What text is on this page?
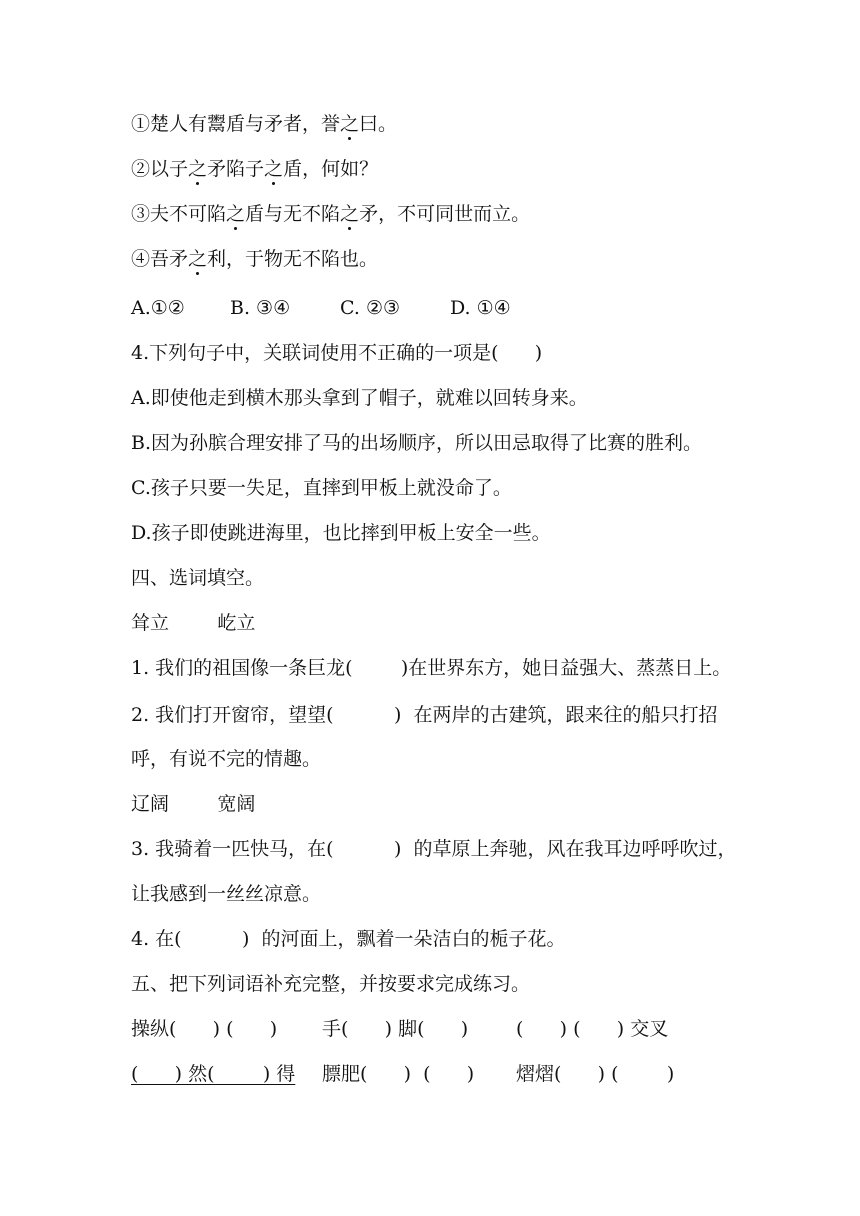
①楚人有鬻盾与矛者，誉之曰。
②以子之矛陷子之盾，何如？
③夫不可陷之盾与无不陷之矛，不可同世而立。
④吾矛之利，于物无不陷也。
A.①② B. ③④	C. ②③	D. ①④
4.下列句子中，关联词使用不正确的一项是(      )
A.即使他走到横木那头拿到了帽子，就难以回转身来。
B.因为孙膑合理安排了马的出场顺序，所以田忌取得了比赛的胜利。
C.孩子只要一失足，直摔到甲板上就没命了。
D.孩子即使跳进海里，也比摔到甲板上安全一些。
四、选词填空。
耸立        屹立
1. 我们的祖国像一条巨龙(        )在世界东方，她日益强大、蒸蒸日上。
2. 我们打开窗帘，望望(          )  在两岸的古建筑，跟来往的船只打招
呼，有说不完的情趣。
辽阔        宽阔
3. 我骑着一匹快马，在(          )  的草原上奔驰，风在我耳边呼呼吹过，
让我感到一丝丝凉意。
4. 在(          )  的河面上，飘着一朵洁白的栀子花。
五、把下列词语补充完整，并按要求完成练习。
操纵(      ) (      ) 手(      ) 脚(      )	(      ) (      ) 交叉
(      ) 然(        ) 得 膘肥(      )  (      ) 熠熠(      ) (        )
